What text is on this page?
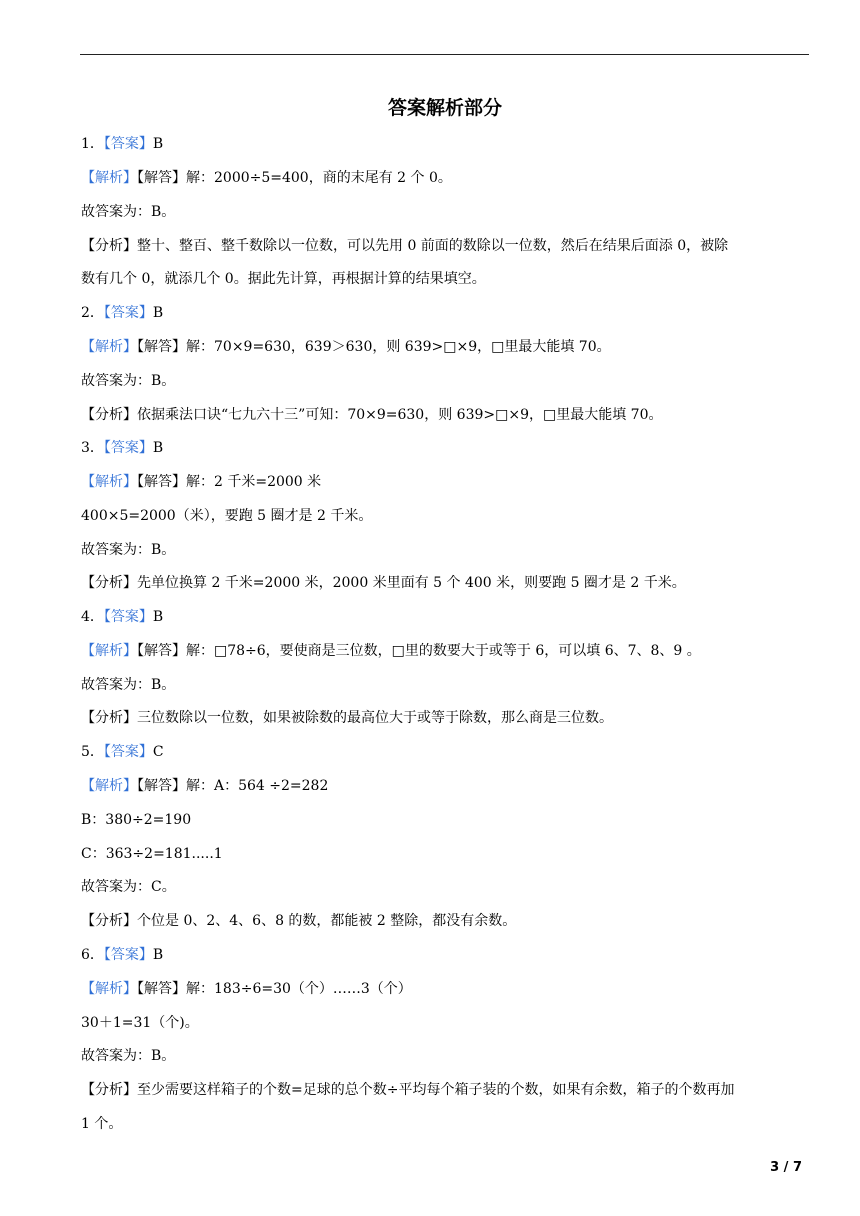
答案解析部分
1．【答案】B
【解析】【解答】解：2000÷5=400，商的末尾有 2 个 0。
故答案为：B。
【分析】整十、整百、整千数除以一位数，可以先用 0 前面的数除以一位数，然后在结果后面添 0，被除
数有几个 0，就添几个 0。据此先计算，再根据计算的结果填空。
2．【答案】B
【解析】【解答】解：70×9=630，639＞630，则 639>□×9，□里最大能填 70。
故答案为：B。
【分析】依据乘法口诀“七九六十三”可知：70×9=630，则 639>□×9，□里最大能填 70。
3．【答案】B
【解析】【解答】解：2 千米=2000 米
400×5=2000（米），要跑 5 圈才是 2 千米。
故答案为：B。
【分析】先单位换算 2 千米=2000 米，2000 米里面有 5 个 400 米，则要跑 5 圈才是 2 千米。
4．【答案】B
【解析】【解答】解：□78÷6，要使商是三位数，□里的数要大于或等于 6，可以填 6、7、8、9 。
故答案为：B。
【分析】三位数除以一位数，如果被除数的最高位大于或等于除数，那么商是三位数。
5．【答案】C
【解析】【解答】解：A：564 ÷2=282
B：380÷2=190
C：363÷2=181.....1
故答案为：C。
【分析】个位是 0、2、4、6、8 的数，都能被 2 整除，都没有余数。
6．【答案】B
【解析】【解答】解：183÷6=30（个）……3（个）
30＋1=31（个)。
故答案为：B。
【分析】至少需要这样箱子的个数=足球的总个数÷平均每个箱子装的个数，如果有余数，箱子的个数再加
1 个。
3 / 7
